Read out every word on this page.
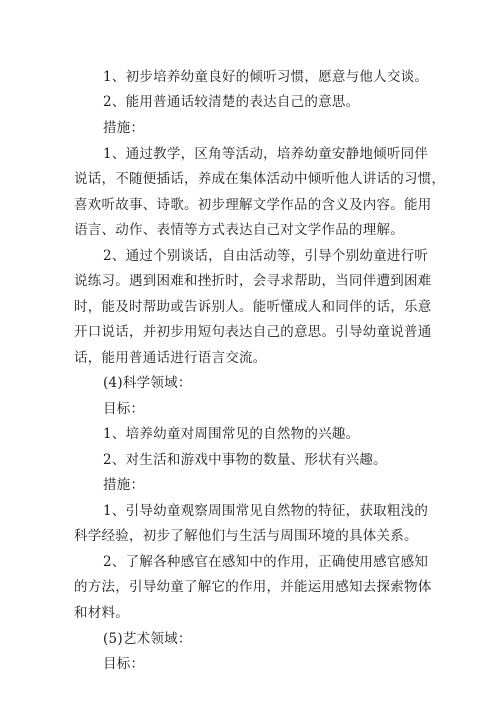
1、初步培养幼童良好的倾听习惯，愿意与他人交谈。
2、能用普通话较清楚的表达自己的意思。
措施：
1、通过教学，区角等活动，培养幼童安静地倾听同伴
说话，不随便插话，养成在集体活动中倾听他人讲话的习惯，
喜欢听故事、诗歌。初步理解文学作品的含义及内容。能用
语言、动作、表情等方式表达自己对文学作品的理解。
2、通过个别谈话，自由活动等，引导个别幼童进行听
说练习。遇到困难和挫折时，会寻求帮助，当同伴遭到困难
时，能及时帮助或告诉别人。能听懂成人和同伴的话，乐意
开口说话，并初步用短句表达自己的意思。引导幼童说普通
话，能用普通话进行语言交流。
(4)科学领域：
目标：
1、培养幼童对周围常见的自然物的兴趣。
2、对生活和游戏中事物的数量、形状有兴趣。
措施：
1、引导幼童观察周围常见自然物的特征，获取粗浅的
科学经验，初步了解他们与生活与周围环境的具体关系。
2、了解各种感官在感知中的作用，正确使用感官感知
的方法，引导幼童了解它的作用，并能运用感知去探索物体
和材料。
(5)艺术领域：
目标：
